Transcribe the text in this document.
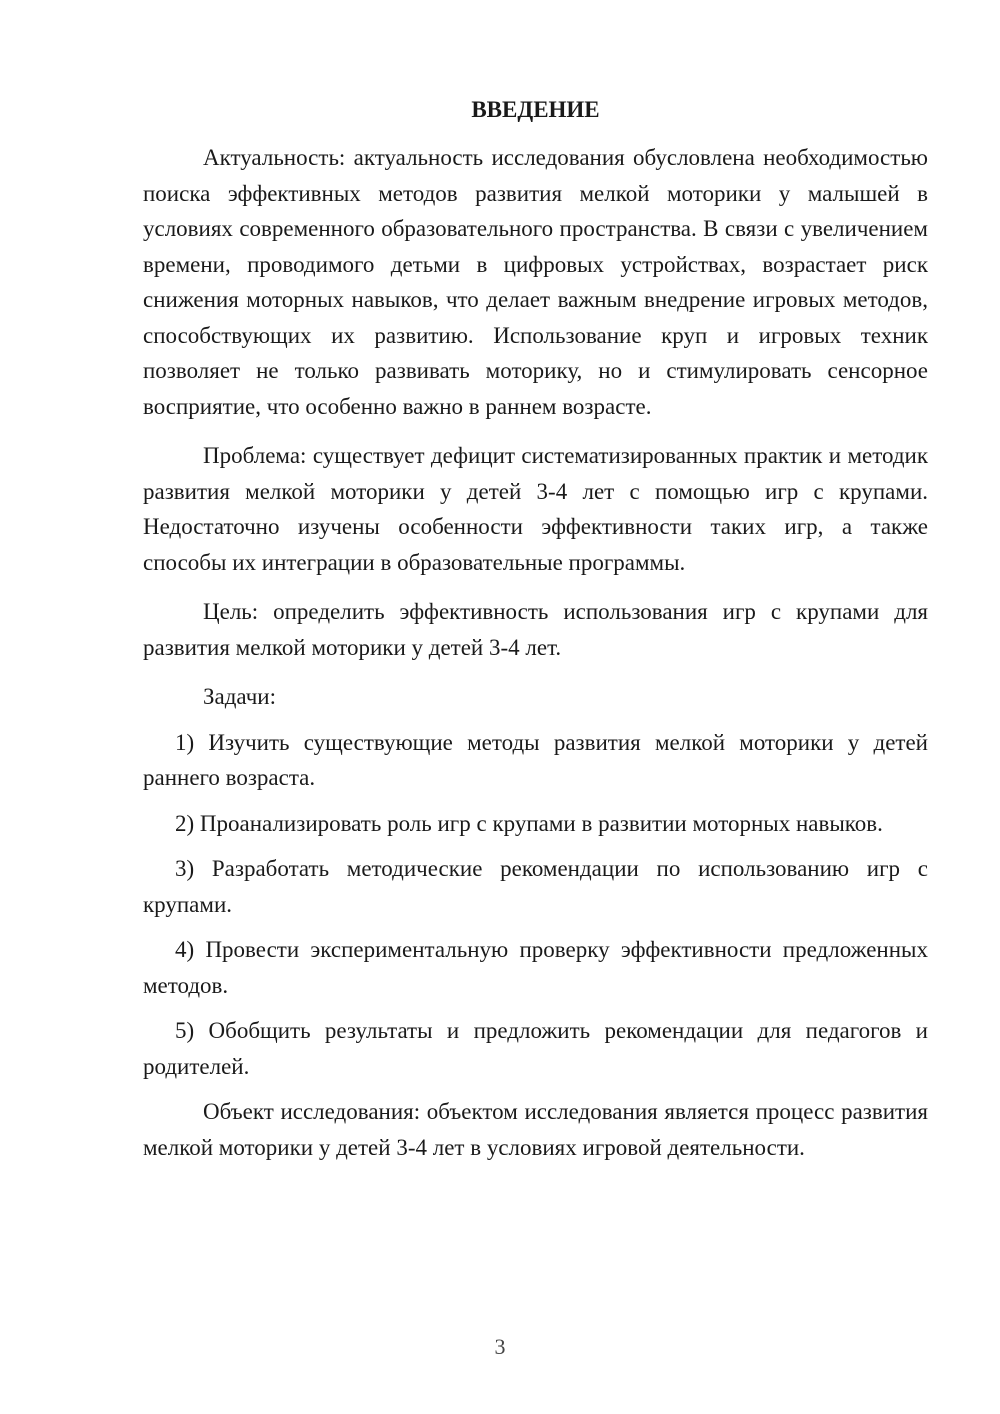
ВВЕДЕНИЕ

Актуальность: актуальность исследования обусловлена необходимостью поиска эффективных методов развития мелкой моторики у малышей в условиях современного образовательного пространства. В связи с увеличением времени, проводимого детьми в цифровых устройствах, возрастает риск снижения моторных навыков, что делает важным внедрение игровых методов, способствующих их развитию. Использование круп и игровых техник позволяет не только развивать моторику, но и стимулировать сенсорное восприятие, что особенно важно в раннем возрасте.

Проблема: существует дефицит систематизированных практик и методик развития мелкой моторики у детей 3-4 лет с помощью игр с крупами. Недостаточно изучены особенности эффективности таких игр, а также способы их интеграции в образовательные программы.

Цель: определить эффективность использования игр с крупами для развития мелкой моторики у детей 3-4 лет.

Задачи:

1) Изучить существующие методы развития мелкой моторики у детей раннего возраста.

2) Проанализировать роль игр с крупами в развитии моторных навыков.

3) Разработать методические рекомендации по использованию игр с крупами.

4) Провести экспериментальную проверку эффективности предложенных методов.

5) Обобщить результаты и предложить рекомендации для педагогов и родителей.

Объект исследования: объектом исследования является процесс развития мелкой моторики у детей 3-4 лет в условиях игровой деятельности.

3
